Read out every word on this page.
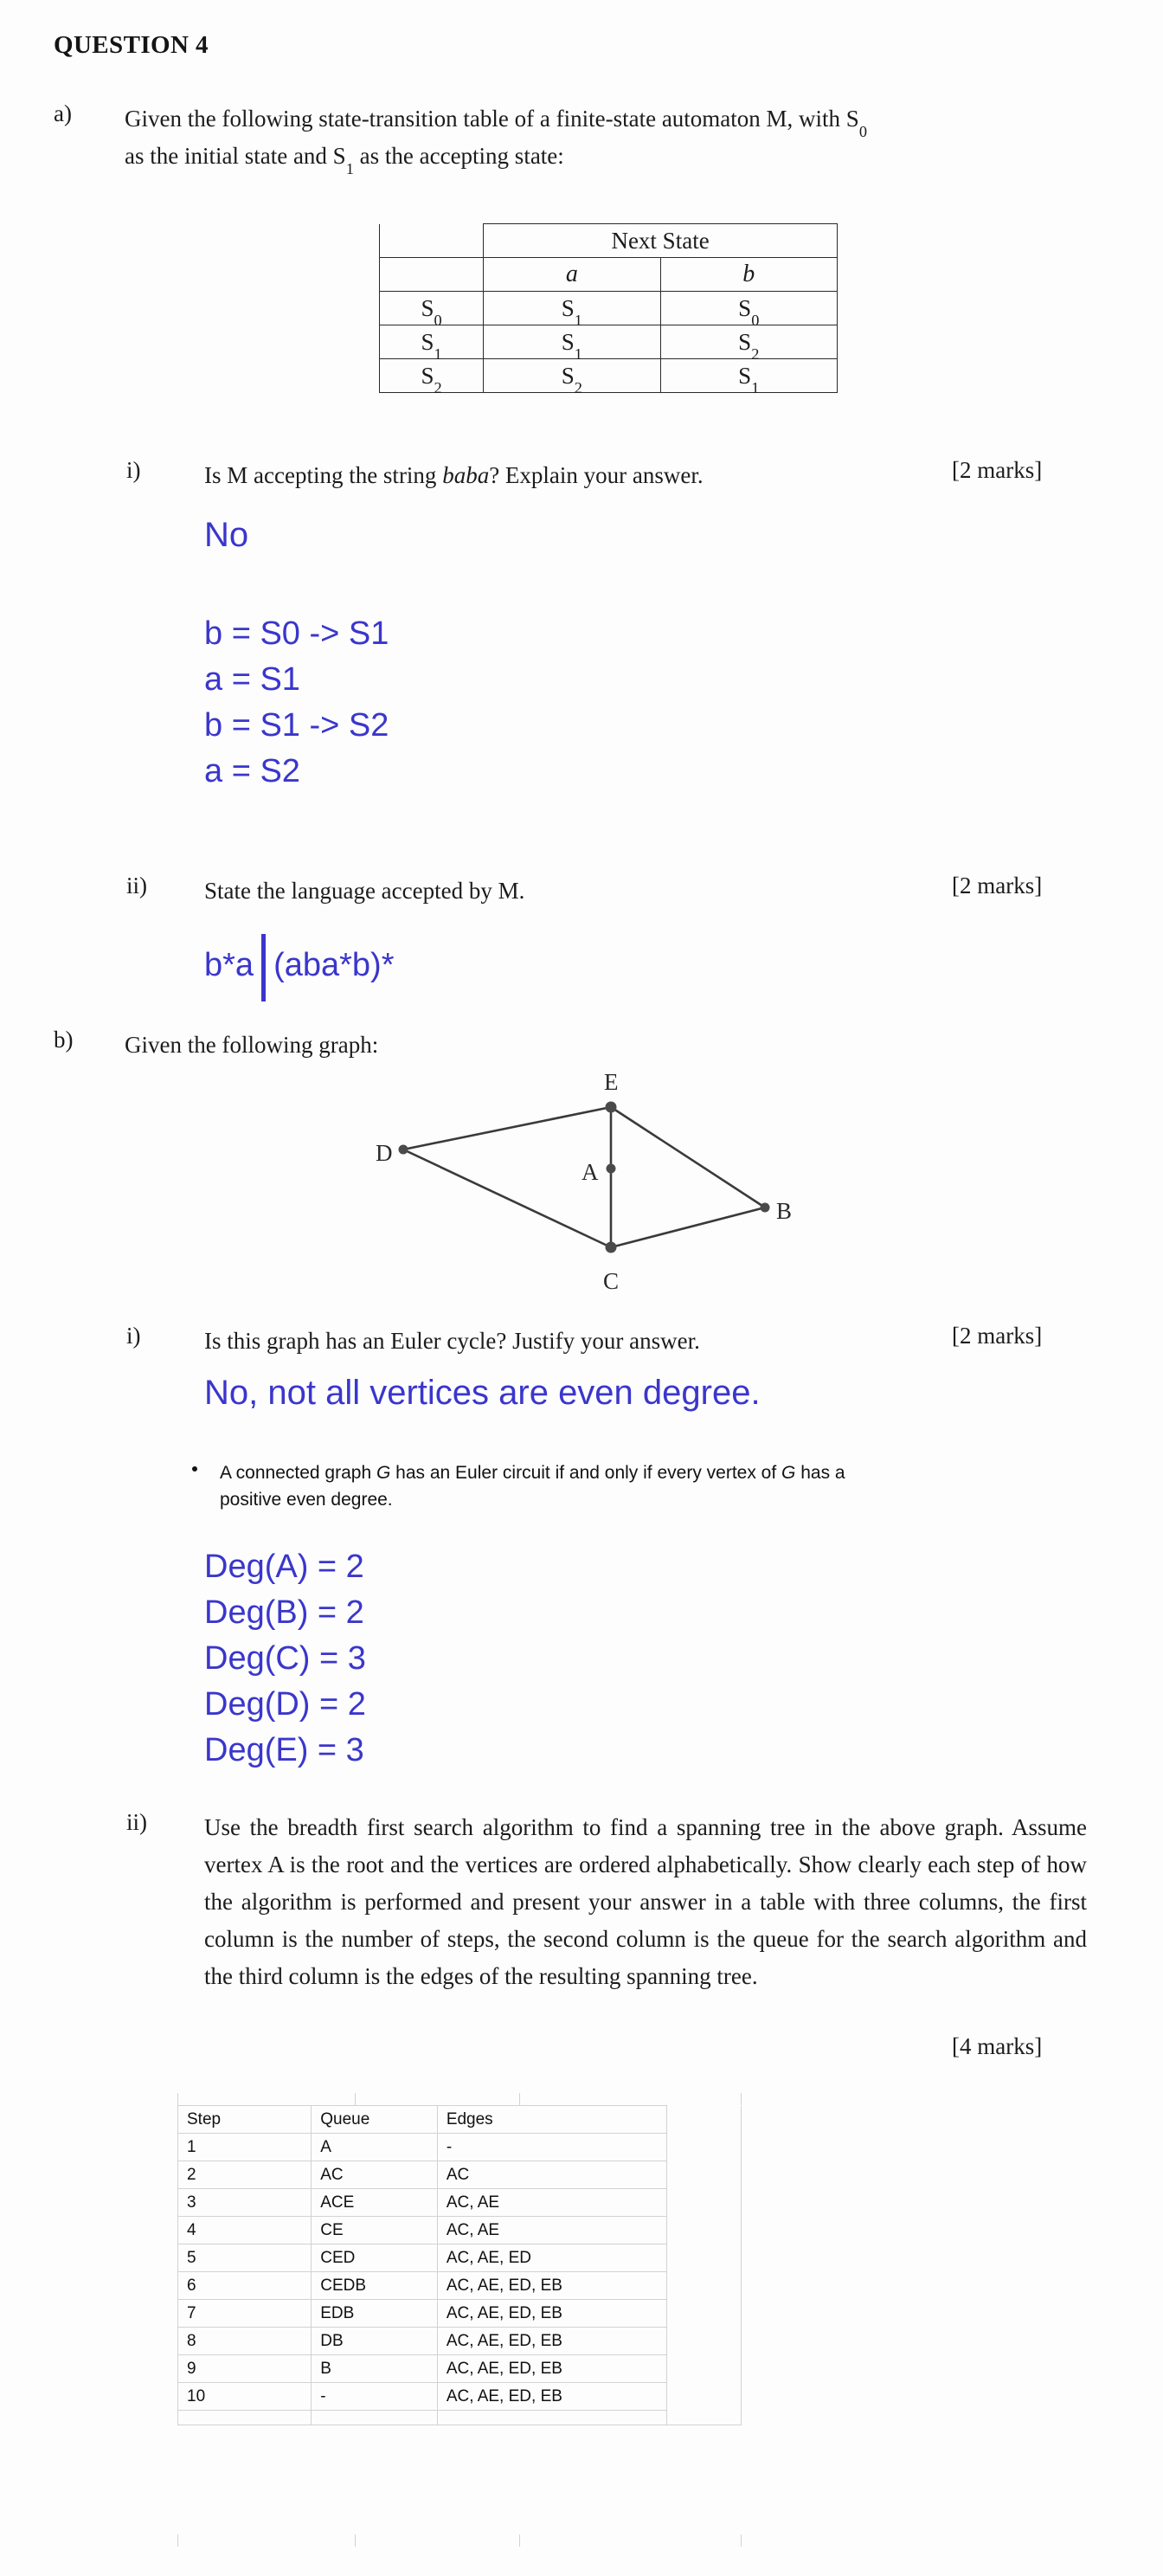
QUESTION 4
a) Given the following state-transition table of a finite-state automaton M, with $S_0$
as the initial state and $S_1$ as the accepting state:
	Next State	
	a	b
$S_0$	$S_1$	$S_0$
$S_1$	$S_1$	$S_2$
$S_2$	$S_2$	$S_1$
i)	Is M accepting the string baba? Explain your answer.	[2 marks]
No
b = S0 -> S1
a = S1
b = S1 -> S2
a = S2
ii) State the language accepted by M.	[2 marks]
b*a (aba*b)*
b) Given the following graph:
D
E
A
C
B
i)	Is this graph has an Euler cycle? Justify your answer.	[2 marks]
No, not all vertices are even degree.
A connected graph G has an Euler circuit if and only if every vertex of G has a positive even degree.
Deg(A) = 2
Deg(B) = 2
Deg(C) = 3
Deg(D) = 2
Deg(E) = 3
ii) Use the breadth first search algorithm to find a spanning tree in the above graph. Assume vertex A is the root and the vertices are ordered alphabetically. Show clearly each step of how the algorithm is performed and present your answer in a table with three columns, the first column is the number of steps, the second column is the queue for the search algorithm and the third column is the edges of the resulting spanning tree.
[4 marks]
Step	Queue	Edges	
1	A	-	
2	AC	AC	
3	ACE	AC, AE	
4	CE	AC, AE	
5	CED	AC, AE, ED	
6	CEDB	AC, AE, ED, EB	
7	EDB	AC, AE, ED, EB	
8	DB	AC, AE, ED, EB	
9	B	AC, AE, ED, EB	
10	-	AC, AE, ED, EB	
